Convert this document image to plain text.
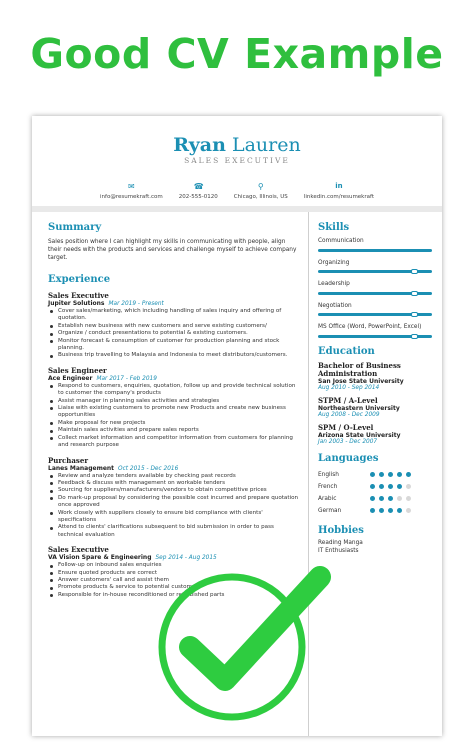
Good CV Example
Ryan Lauren
SALES EXECUTIVE
✉
info@resumekraft.com
☎
202-555-0120
⚲
Chicago, Illinois, US
in
linkedin.com/resumekraft
Summary
Sales position where I can highlight my skills in communicating with people, align their needs with the products and services and challenge myself to achieve company target.
Experience
Sales Executive
Jupiter Solutions Mar 2019 - Present
Cover sales/marketing, which including handling of sales inquiry and offering of quotation.
Establish new business with new customers and serve existing customers/
Organize / conduct presentations to potential & existing customers.
Monitor forecast & consumption of customer for production planning and stock planning.
Business trip travelling to Malaysia and Indonesia to meet distributors/customers.
Sales Engineer
Ace Engineer Mar 2017 - Feb 2019
Respond to customers, enquiries, quotation, follow up and provide technical solution to customer the company's products
Assist manager in planning sales activities and strategies
Liaise with existing customers to promote new Products and create new business opportunities
Make proposal for new projects
Maintain sales activities and prepare sales reports
Collect market information and competitor information from customers for planning and research purpose
Purchaser
Lanes Management Oct 2015 - Dec 2016
Review and analyze tenders available by checking past records
Feedback & discuss with management on workable tenders
Sourcing for suppliers/manufacturers/vendors to obtain competitive prices
Do mark-up proposal by considering the possible cost incurred and prepare quotation once approved
Work closely with suppliers closely to ensure bid compliance with clients' specifications
Attend to clients' clarifications subsequent to bid submission in order to pass technical evaluation
Sales Executive
VA Vision Spare & Engineering Sep 2014 - Aug 2015
Follow-up on inbound sales enquiries
Ensure quoted products are correct
Answer customers' call and assist them
Promote products & service to potential customer
Responsible for in-house reconditioned or refurbished parts
Skills
Communication
Organizing
Leadership
Negotiation
MS Office (Word, PowerPoint, Excel)
Education
Bachelor of Business Administration
San Jose State University
Aug 2010 - Sep 2014
STPM / A-Level
Northeastern University
Aug 2008 - Dec 2009
SPM / O-Level
Arizona State University
Jan 2003 - Dec 2007
Languages
English
French
Arabic
German
Hobbies
Reading Manga
IT Enthusiasts
